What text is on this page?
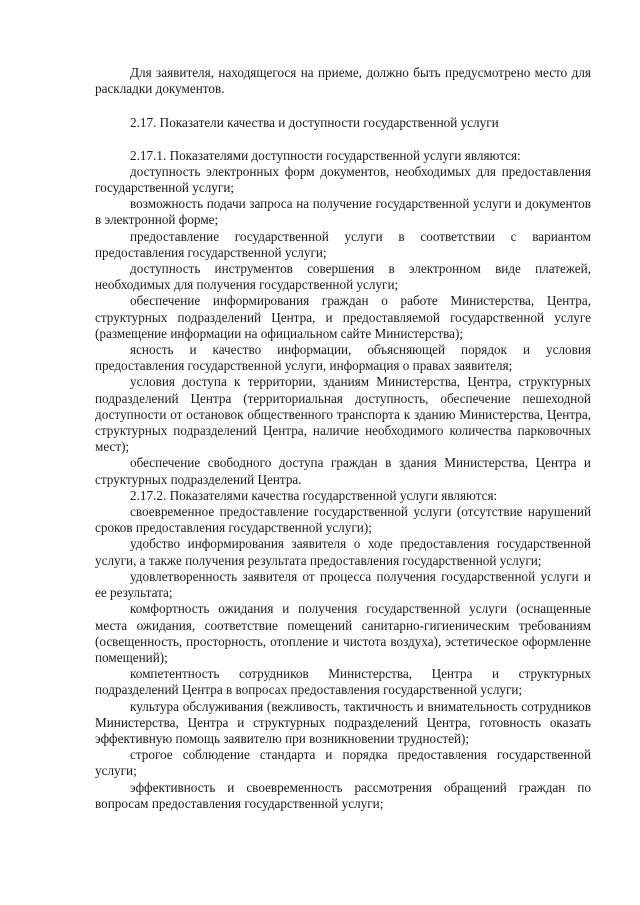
Для заявителя, находящегося на приеме, должно быть предусмотрено место для раскладки документов.

2.17. Показатели качества и доступности государственной услуги

2.17.1. Показателями доступности государственной услуги являются:

доступность электронных форм документов, необходимых для предоставления государственной услуги;

возможность подачи запроса на получение государственной услуги и документов в электронной форме;

предоставление государственной услуги в соответствии с вариантом предоставления государственной услуги;

доступность инструментов совершения в электронном виде платежей, необходимых для получения государственной услуги;

обеспечение информирования граждан о работе Министерства, Центра, структурных подразделений Центра, и предоставляемой государственной услуге (размещение информации на официальном сайте Министерства);

ясность и качество информации, объясняющей порядок и условия предоставления государственной услуги, информация о правах заявителя;

условия доступа к территории, зданиям Министерства, Центра, структурных подразделений Центра (территориальная доступность, обеспечение пешеходной доступности от остановок общественного транспорта к зданию Министерства, Центра, структурных подразделений Центра, наличие необходимого количества парковочных мест);

обеспечение свободного доступа граждан в здания Министерства, Центра и структурных подразделений Центра.

2.17.2. Показателями качества государственной услуги являются:

своевременное предоставление государственной услуги (отсутствие нарушений сроков предоставления государственной услуги);

удобство информирования заявителя о ходе предоставления государственной услуги, а также получения результата предоставления государственной услуги;

удовлетворенность заявителя от процесса получения государственной услуги и ее результата;

комфортность ожидания и получения государственной услуги (оснащенные места ожидания, соответствие помещений санитарно-гигиеническим требованиям (освещенность, просторность, отопление и чистота воздуха), эстетическое оформление помещений);

компетентность сотрудников Министерства, Центра и структурных подразделений Центра в вопросах предоставления государственной услуги;

культура обслуживания (вежливость, тактичность и внимательность сотрудников Министерства, Центра и структурных подразделений Центра, готовность оказать эффективную помощь заявителю при возникновении трудностей);

строгое соблюдение стандарта и порядка предоставления государственной услуги;

эффективность и своевременность рассмотрения обращений граждан по вопросам предоставления государственной услуги;
